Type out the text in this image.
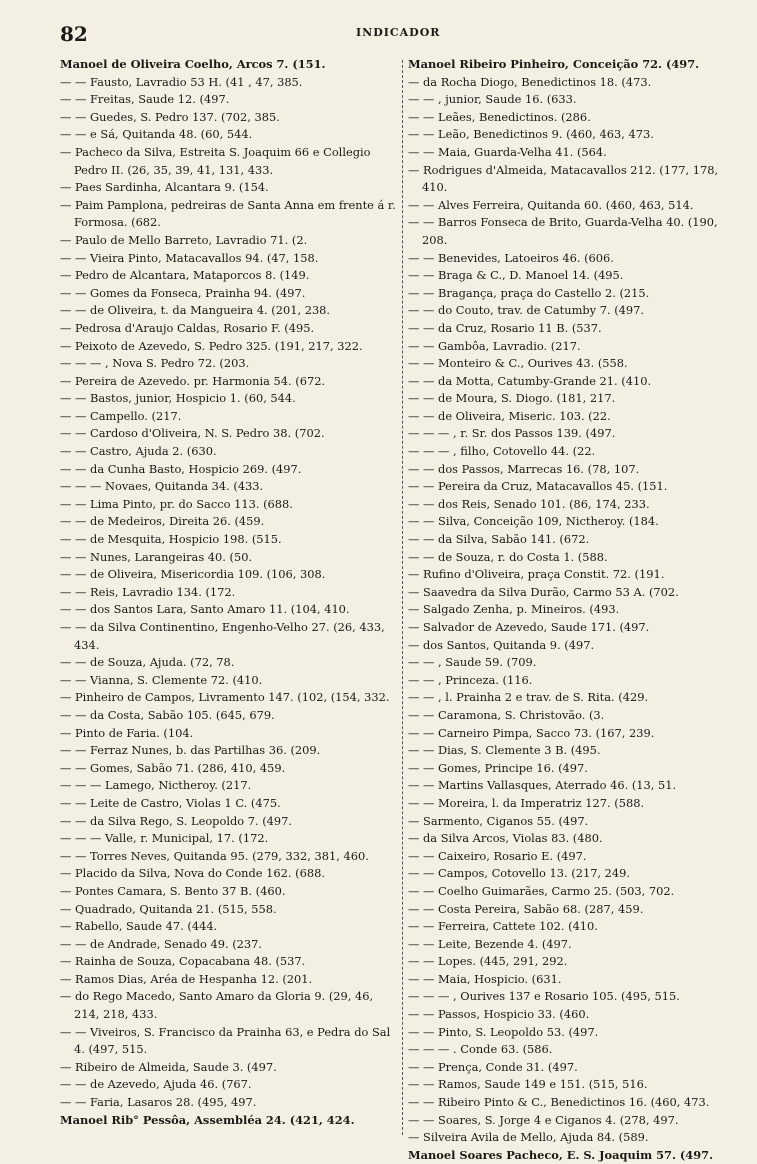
82	INDICADOR
Manoel de Oliveira Coelho, Arcos 7. (151.
— — Fausto, Lavradio 53 H. (41 , 47, 385.
— — Freitas, Saude 12. (497.
— — Guedes, S. Pedro 137. (702, 385.
— — e Sá, Quitanda 48. (60, 544.
— Pacheco da Silva, Estreita S. Joaquim 66 e Collegio Pedro II. (26, 35, 39, 41, 131, 433.
— Paes Sardinha, Alcantara 9. (154.
— Paim Pamplona, pedreiras de Santa Anna em frente á r. Formosa. (682.
— Paulo de Mello Barreto, Lavradio 71. (2.
— — Vieira Pinto, Matacavallos 94. (47, 158.
— Pedro de Alcantara, Mataporcos 8. (149.
— — Gomes da Fonseca, Prainha 94. (497.
— — de Oliveira, t. da Mangueira 4. (201, 238.
— Pedrosa d'Araujo Caldas, Rosario F. (495.
— Peixoto de Azevedo, S. Pedro 325. (191, 217, 322.
— — — , Nova S. Pedro 72. (203.
— Pereira de Azevedo. pr. Harmonia 54. (672.
— — Bastos, junior, Hospicio 1. (60, 544.
— — Campello. (217.
— — Cardoso d'Oliveira, N. S. Pedro 38. (702.
— — Castro, Ajuda 2. (630.
— — da Cunha Basto, Hospicio 269. (497.
— — — Novaes, Quitanda 34. (433.
— — Lima Pinto, pr. do Sacco 113. (688.
— — de Medeiros, Direita 26. (459.
— — de Mesquita, Hospicio 198. (515.
— — Nunes, Larangeiras 40. (50.
— — de Oliveira, Misericordia 109. (106, 308.
— — Reis, Lavradio 134. (172.
— — dos Santos Lara, Santo Amaro 11. (104, 410.
— — da Silva Continentino, Engenho-Velho 27. (26, 433, 434.
— — de Souza, Ajuda. (72, 78.
— — Vianna, S. Clemente 72. (410.
— Pinheiro de Campos, Livramento 147. (102, (154, 332.
— — da Costa, Sabão 105. (645, 679.
— Pinto de Faria. (104.
— — Ferraz Nunes, b. das Partilhas 36. (209.
— — Gomes, Sabão 71. (286, 410, 459.
— — — Lamego, Nictheroy. (217.
— — Leite de Castro, Violas 1 C. (475.
— — da Silva Rego, S. Leopoldo 7. (497.
— — — Valle, r. Municipal, 17. (172.
— — Torres Neves, Quitanda 95. (279, 332, 381, 460.
— Placido da Silva, Nova do Conde 162. (688.
— Pontes Camara, S. Bento 37 B. (460.
— Quadrado, Quitanda 21. (515, 558.
— Rabello, Saude 47. (444.
— — de Andrade, Senado 49. (237.
— Rainha de Souza, Copacabana 48. (537.
— Ramos Dias, Aréa de Hespanha 12. (201.
— do Rego Macedo, Santo Amaro da Gloria 9. (29, 46, 214, 218, 433.
— — Viveiros, S. Francisco da Prainha 63, e Pedra do Sal 4. (497, 515.
— Ribeiro de Almeida, Saude 3. (497.
— — de Azevedo, Ajuda 46. (767.
— — Faria, Lasaros 28. (495, 497.
Manoel Rib° Pessôa, Assembléa 24. (421, 424.
Manoel Ribeiro Pinheiro, Conceição 72. (497.
— da Rocha Diogo, Benedictinos 18. (473.
— — , junior, Saude 16. (633.
— — Leães, Benedictinos. (286.
— — Leão, Benedictinos 9. (460, 463, 473.
— — Maia, Guarda-Velha 41. (564.
— Rodrigues d'Almeida, Matacavallos 212. (177, 178, 410.
— — Alves Ferreira, Quitanda 60. (460, 463, 514.
— — Barros Fonseca de Brito, Guarda-Velha 40. (190, 208.
— — Benevides, Latoeiros 46. (606.
— — Braga & C., D. Manoel 14. (495.
— — Bragança, praça do Castello 2. (215.
— — do Couto, trav. de Catumby 7. (497.
— — da Cruz, Rosario 11 B. (537.
— — Gambôa, Lavradio. (217.
— — Monteiro & C., Ourives 43. (558.
— — da Motta, Catumby-Grande 21. (410.
— — de Moura, S. Diogo. (181, 217.
— — de Oliveira, Miseric. 103. (22.
— — — , r. Sr. dos Passos 139. (497.
— — — , filho, Cotovello 44. (22.
— — dos Passos, Marrecas 16. (78, 107.
— — Pereira da Cruz, Matacavallos 45. (151.
— — dos Reis, Senado 101. (86, 174, 233.
— — Silva, Conceição 109, Nictheroy. (184.
— — da Silva, Sabão 141. (672.
— — de Souza, r. do Costa 1. (588.
— Rufino d'Oliveira, praça Constit. 72. (191.
— Saavedra da Silva Durão, Carmo 53 A. (702.
— Salgado Zenha, p. Mineiros. (493.
— Salvador de Azevedo, Saude 171. (497.
— dos Santos, Quitanda 9. (497.
— — , Saude 59. (709.
— — , Princeza. (116.
— — , l. Prainha 2 e trav. de S. Rita. (429.
— — Caramona, S. Christovão. (3.
— — Carneiro Pimpa, Sacco 73. (167, 239.
— — Dias, S. Clemente 3 B. (495.
— — Gomes, Principe 16. (497.
— — Martins Vallasques, Aterrado 46. (13, 51.
— — Moreira, l. da Imperatriz 127. (588.
— Sarmento, Ciganos 55. (497.
— da Silva Arcos, Violas 83. (480.
— — Caixeiro, Rosario E. (497.
— — Campos, Cotovello 13. (217, 249.
— — Coelho Guimarães, Carmo 25. (503, 702.
— — Costa Pereira, Sabão 68. (287, 459.
— — Ferreira, Cattete 102. (410.
— — Leite, Bezende 4. (497.
— — Lopes. (445, 291, 292.
— — Maia, Hospicio. (631.
— — — , Ourives 137 e Rosario 105. (495, 515.
— — Passos, Hospicio 33. (460.
— — Pinto, S. Leopoldo 53. (497.
— — — . Conde 63. (586.
— — Prença, Conde 31. (497.
— — Ramos, Saude 149 e 151. (515, 516.
— — Ribeiro Pinto & C., Benedictinos 16. (460, 473.
— — Soares, S. Jorge 4 e Ciganos 4. (278, 497.
— Silveira Avila de Mello, Ajuda 84. (589.
Manoel Soares Pacheco, E. S. Joaquim 57. (497.
